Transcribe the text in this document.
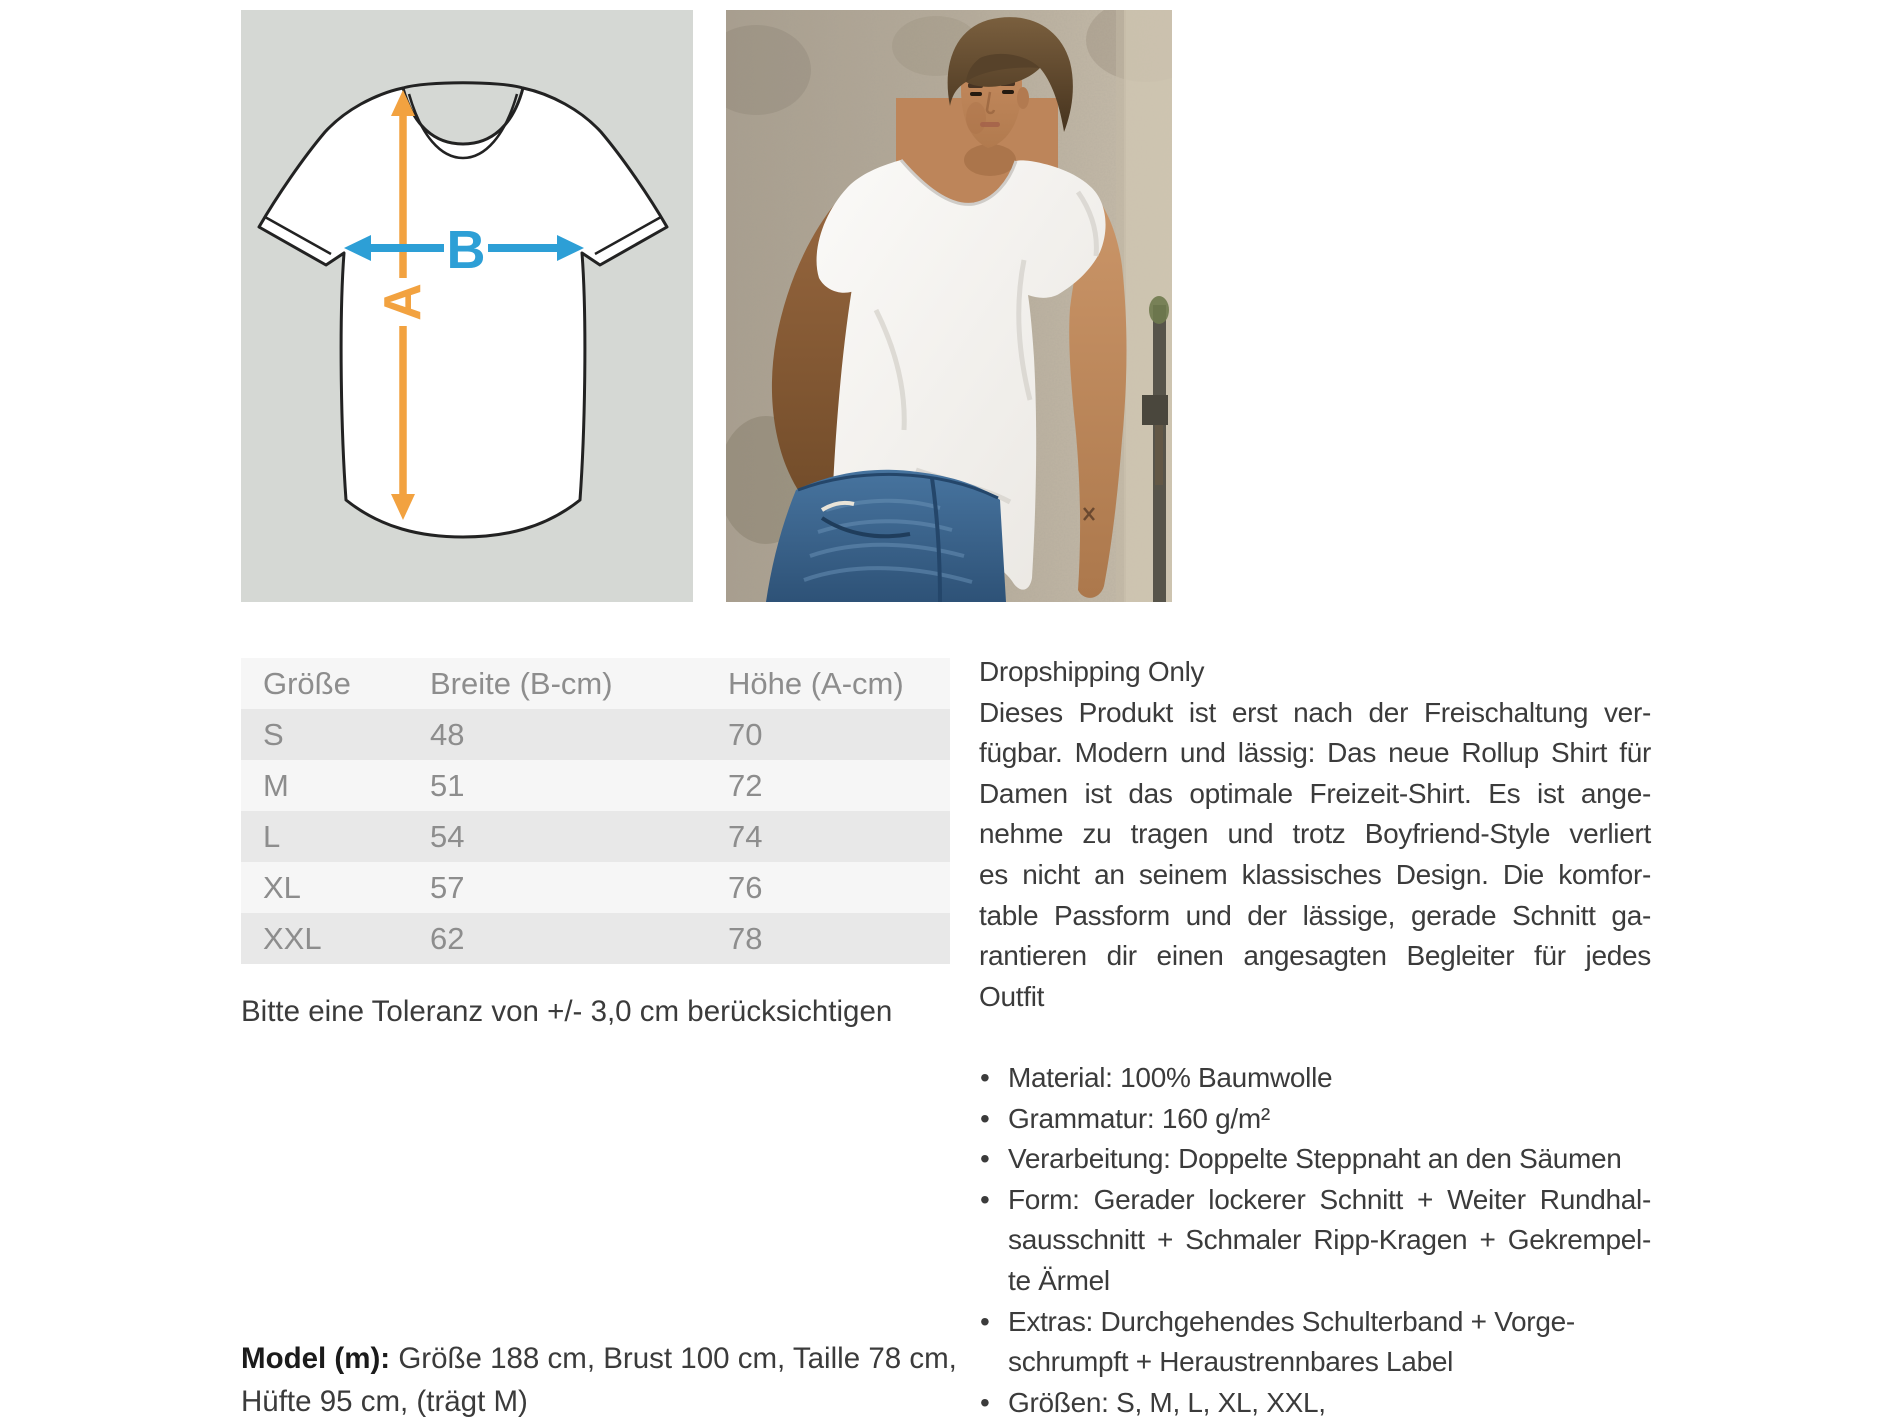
A
B
Größe	Breite (B-cm)	Höhe (A-cm)
S	48	70
M	51	72
L	54	74
XL	57	76
XXL	62	78
Bitte eine Toleranz von +/- 3,0 cm berücksichtigen
Model (m): Größe 188 cm, Brust 100 cm, Taille 78 cm,
Hüfte 95 cm, (trägt M)
Dropshipping Only
Dieses Produkt ist erst nach der Freischaltung ver-
fügbar. Modern und lässig: Das neue Rollup Shirt für
Damen ist das optimale Freizeit-Shirt. Es ist ange-
nehme zu tragen und trotz Boyfriend-Style verliert
es nicht an seinem klassisches Design. Die komfor-
table Passform und der lässige, gerade Schnitt ga-
rantieren dir einen angesagten Begleiter für jedes
Outfit
• Material: 100% Baumwolle
• Grammatur: 160 g/m²
• Verarbeitung: Doppelte Steppnaht an den Säumen
• Form: Gerader lockerer Schnitt + Weiter Rundhal-
sausschnitt + Schmaler Ripp-Kragen + Gekrempel-
te Ärmel
• Extras: Durchgehendes Schulterband + Vorge-
schrumpft + Heraustrennbares Label
• Größen: S, M, L, XL, XXL,
